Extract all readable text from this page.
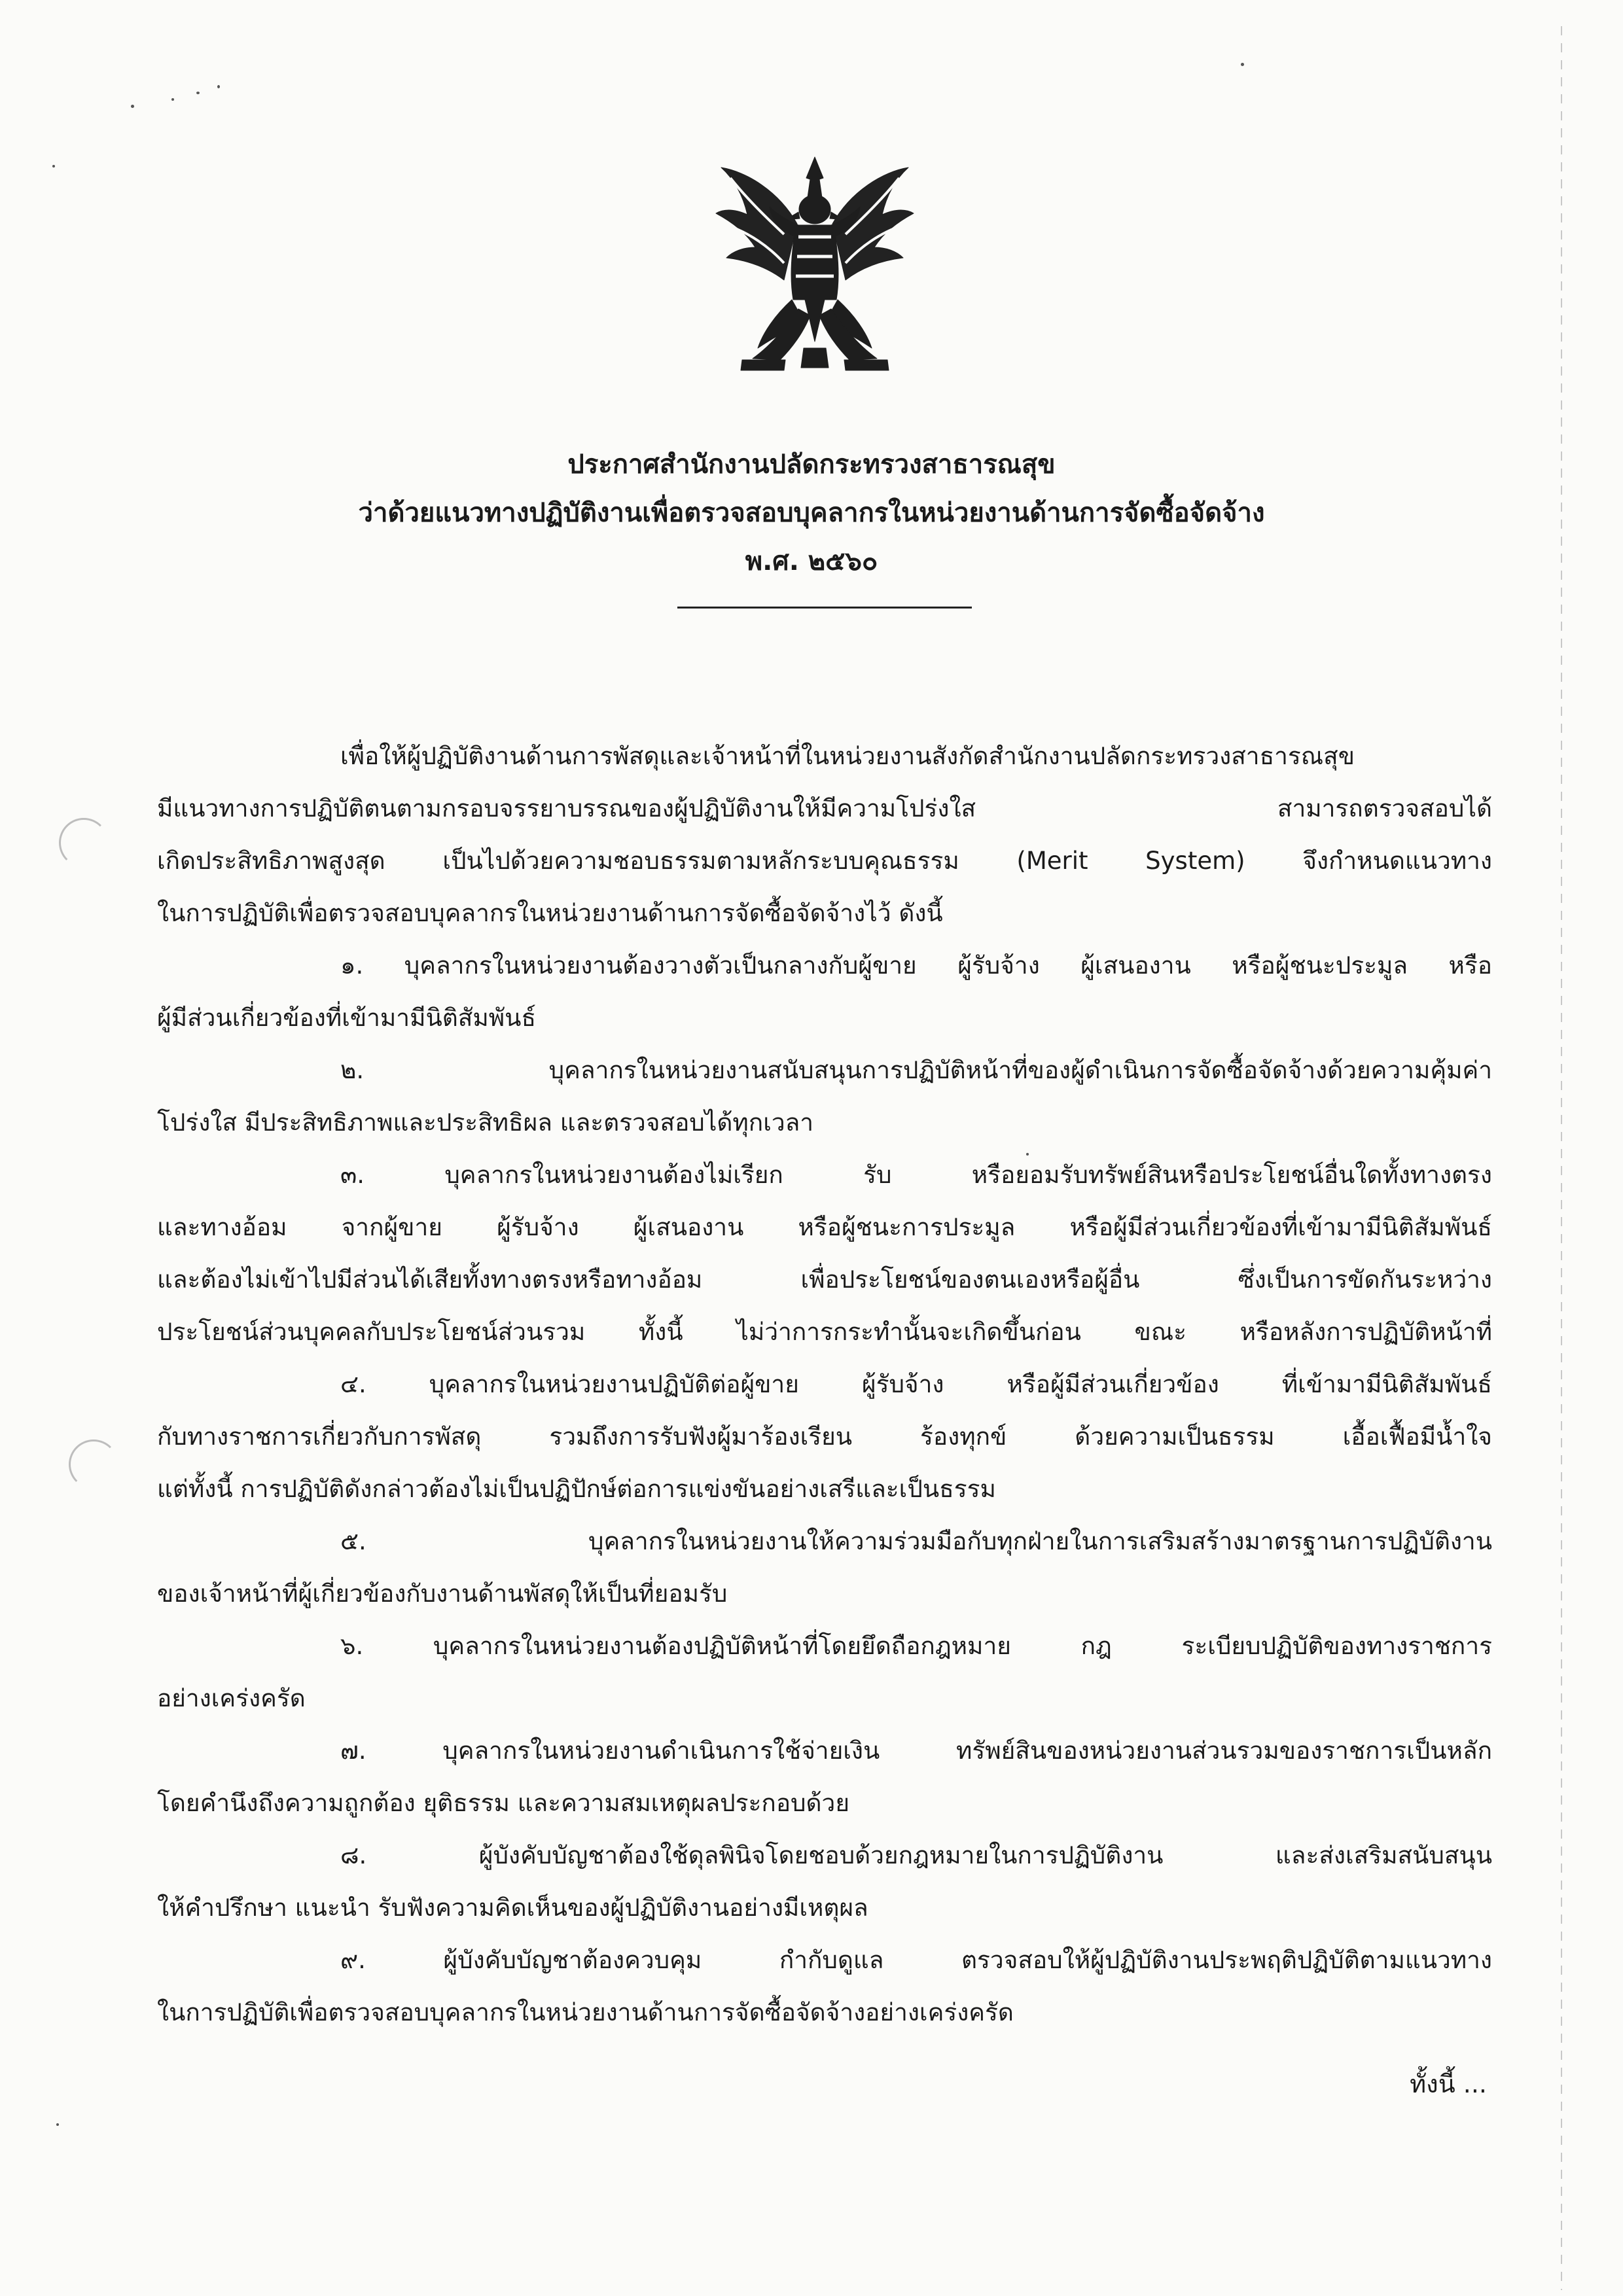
ประกาศสำนักงานปลัดกระทรวงสาธารณสุข
ว่าด้วยแนวทางปฏิบัติงานเพื่อตรวจสอบบุคลากรในหน่วยงานด้านการจัดซื้อจัดจ้าง
พ.ศ. ๒๕๖๐
เพื่อให้ผู้ปฏิบัติงานด้านการพัสดุและเจ้าหน้าที่ในหน่วยงานสังกัดสำนักงานปลัดกระทรวงสาธารณสุข
มีแนวทางการปฏิบัติตนตามกรอบจรรยาบรรณของผู้ปฏิบัติงานให้มีความโปร่งใส สามารถตรวจสอบได้
เกิดประสิทธิภาพสูงสุด เป็นไปด้วยความชอบธรรมตามหลักระบบคุณธรรม (Merit System) จึงกำหนดแนวทาง
ในการปฏิบัติเพื่อตรวจสอบบุคลากรในหน่วยงานด้านการจัดซื้อจัดจ้างไว้ ดังนี้
๑. บุคลากรในหน่วยงานต้องวางตัวเป็นกลางกับผู้ขาย ผู้รับจ้าง ผู้เสนองาน หรือผู้ชนะประมูล หรือ
ผู้มีส่วนเกี่ยวข้องที่เข้ามามีนิติสัมพันธ์
๒. บุคลากรในหน่วยงานสนับสนุนการปฏิบัติหน้าที่ของผู้ดำเนินการจัดซื้อจัดจ้างด้วยความคุ้มค่า
โปร่งใส มีประสิทธิภาพและประสิทธิผล และตรวจสอบได้ทุกเวลา
๓. บุคลากรในหน่วยงานต้องไม่เรียก รับ หรือยอมรับทรัพย์สินหรือประโยชน์อื่นใดทั้งทางตรง
และทางอ้อม จากผู้ขาย ผู้รับจ้าง ผู้เสนองาน หรือผู้ชนะการประมูล หรือผู้มีส่วนเกี่ยวข้องที่เข้ามามีนิติสัมพันธ์
และต้องไม่เข้าไปมีส่วนได้เสียทั้งทางตรงหรือทางอ้อม เพื่อประโยชน์ของตนเองหรือผู้อื่น ซึ่งเป็นการขัดกันระหว่าง
ประโยชน์ส่วนบุคคลกับประโยชน์ส่วนรวม ทั้งนี้ ไม่ว่าการกระทำนั้นจะเกิดขึ้นก่อน ขณะ หรือหลังการปฏิบัติหน้าที่
๔. บุคลากรในหน่วยงานปฏิบัติต่อผู้ขาย ผู้รับจ้าง หรือผู้มีส่วนเกี่ยวข้อง ที่เข้ามามีนิติสัมพันธ์
กับทางราชการเกี่ยวกับการพัสดุ รวมถึงการรับฟังผู้มาร้องเรียน ร้องทุกข์ ด้วยความเป็นธรรม เอื้อเฟื้อมีน้ำใจ
แต่ทั้งนี้ การปฏิบัติดังกล่าวต้องไม่เป็นปฏิปักษ์ต่อการแข่งขันอย่างเสรีและเป็นธรรม
๕. บุคลากรในหน่วยงานให้ความร่วมมือกับทุกฝ่ายในการเสริมสร้างมาตรฐานการปฏิบัติงาน
ของเจ้าหน้าที่ผู้เกี่ยวข้องกับงานด้านพัสดุให้เป็นที่ยอมรับ
๖. บุคลากรในหน่วยงานต้องปฏิบัติหน้าที่โดยยึดถือกฎหมาย กฎ ระเบียบปฏิบัติของทางราชการ
อย่างเคร่งครัด
๗. บุคลากรในหน่วยงานดำเนินการใช้จ่ายเงิน ทรัพย์สินของหน่วยงานส่วนรวมของราชการเป็นหลัก
โดยคำนึงถึงความถูกต้อง ยุติธรรม และความสมเหตุผลประกอบด้วย
๘. ผู้บังคับบัญชาต้องใช้ดุลพินิจโดยชอบด้วยกฎหมายในการปฏิบัติงาน และส่งเสริมสนับสนุน
ให้คำปรึกษา แนะนำ รับฟังความคิดเห็นของผู้ปฏิบัติงานอย่างมีเหตุผล
๙. ผู้บังคับบัญชาต้องควบคุม กำกับดูแล ตรวจสอบให้ผู้ปฏิบัติงานประพฤติปฏิบัติตามแนวทาง
ในการปฏิบัติเพื่อตรวจสอบบุคลากรในหน่วยงานด้านการจัดซื้อจัดจ้างอย่างเคร่งครัด
ทั้งนี้ ...
